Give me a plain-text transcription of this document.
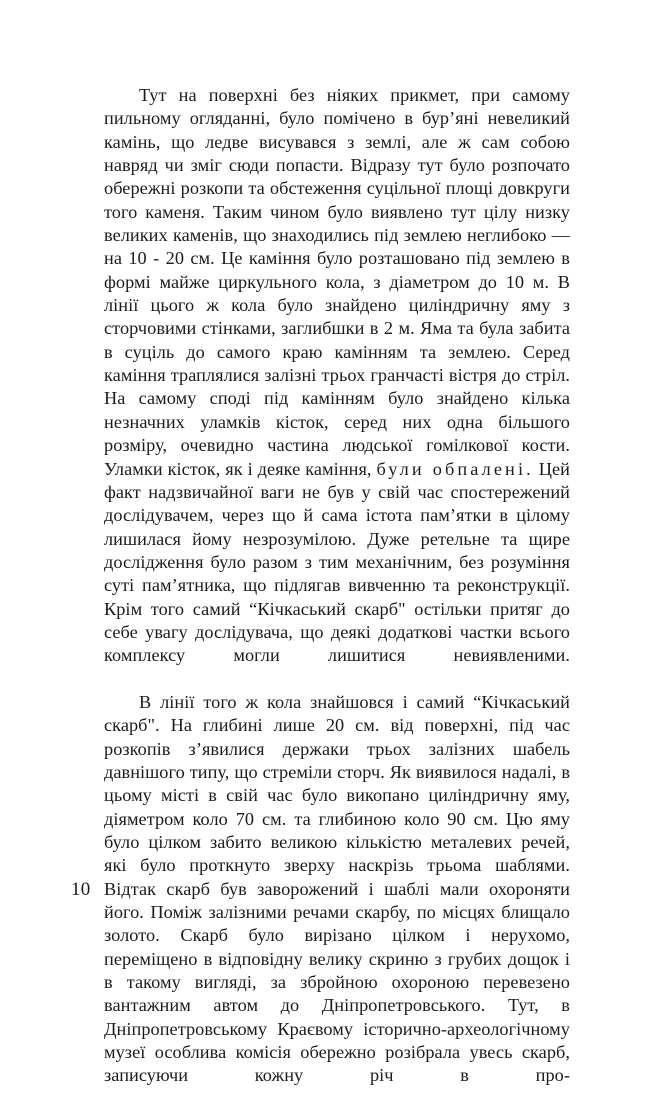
Тут на поверхні без ніяких прикмет, при самому пильному огляданні, було помічено в бур’яні невеликий камінь, що ледве висувався з землі, але ж сам собою навряд чи зміг сюди попасти. Відразу тут було розпочато обережні розкопи та обстеження суцільної площі довкруги того каменя. Таким чином було виявлено тут цілу низку великих каменів, що знаходились під землею неглибоко — на 10 - 20 см. Це каміння було розташовано під землею в формі майже циркульного кола, з діаметром до 10 м. В лінії цього ж кола було знайдено циліндричну яму з сторчовими стінками, заглибшки в 2 м. Яма та була забита в суціль до самого краю камінням та землею. Серед каміння траплялися залізні трьох гранчасті вістря до стріл. На самому споді під камінням було знайдено кілька незначних уламків кісток, серед них одна більшого розміру, очевидно частина людської гомілкової кости. Уламки кісток, як і деяке каміння, були обпалені. Цей факт надзвичайної ваги не був у свій час спостережений дослідувачем, через що й сама істота пам’ятки в цілому лишилася йому незрозумілою. Дуже ретельне та щире дослідження було разом з тим механічним, без розуміння суті пам’ятника, що підлягав вивченню та реконструкції. Крім того самий “Кічкаський скарб" остільки притяг до себе увагу дослідувача, що деякі додаткові частки всього комплексу могли лишитися невиявленими.

В лінії того ж кола знайшовся і самий “Кічкаський скарб". На глибині лише 20 см. від поверхні, під час розкопів з’явилися держаки трьох залізних шабель давнішого типу, що стреміли сторч. Як виявилося надалі, в цьому місті в свій час було викопано циліндричну яму, діяметром коло 70 см. та глибиною коло 90 см. Цю яму було цілком забито великою кількістю металевих речей, які було проткнуто зверху наскрізь трьома шаблями. Відтак скарб був заворожений і шаблі мали охороняти його. Поміж залізними речами скарбу, по місцях блищало золото. Скарб було вирізано цілком і нерухомо, переміщено в відповідну велику скриню з грубих дощок і в такому вигляді, за збройною охороною перевезено вантажним автом до Дніпропетровського. Тут, в Дніпропетровському Краєвому історично-археологічному музеї особлива комісія обережно розібрала увесь скарб, записуючи кожну річ в про-

10
